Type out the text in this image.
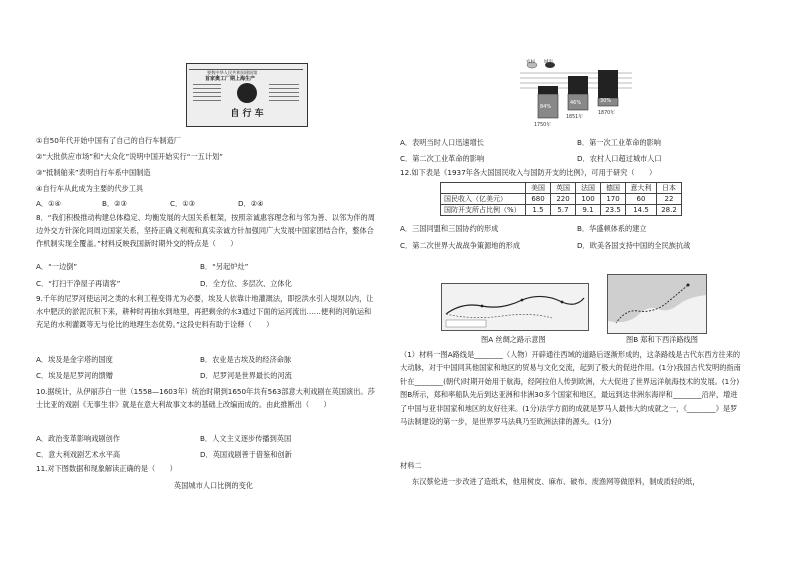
要数中华人民共和国建国第
首家奥工厂期上海生产
自 行 车
①自50年代开始中国有了自己的自行车制造厂
②“大批供应市场”和“大众化”说明中国开始实行“一五计划”
③“抵制舶来”表明自行车系中国制造
④自行车从此成为主要的代步工具
A．①④	B．②③	C．①③	D．②④
8．“我们积极推动构建总体稳定、均衡发展的大国关系框架，按照亲诚惠容理念和与邻为善、以邻为伴的周边外交方针深化同周边国家关系，坚持正确义利观和真实亲诚方针加强同广大发展中国家团结合作，整体合作机制实现全覆盖。”材料反映我国新时期外交的特点是（　　）
A．“一边倒”	B．“另起炉灶”
C．“打扫干净屋子再请客”	D．全方位、多层次、立体化
9.千年的尼罗河使运河之类的水利工程变得尤为必要，埃及人依靠计地灌溉法，即挖洪水引入堤坝以内，让水中肥沃的淤泥沉积下来，耕种时再抽水到地里，再把剩余的水3通过下面的运河流出……便利的河航运和充足的水利灌溉等无与伦比的地理生态优势。”这段史料有助于诠释（　　）
A．埃及是金字塔的国度	B．农业是古埃及的经济命脉
C．埃及是尼罗河的馈赠	D．尼罗河是世界最长的河流
10.据统计，从伊丽莎白一世（1558—1603年）统治时期到1650年共有563部意大利戏剧在英国演出。莎士比亚的戏剧《无事生非》就是在意大利故事文本的基础上改编而成的。由此推断出（　　）
A．政治变革影响戏剧创作	B．人文主义逐步传播到英国
C．意大利戏剧艺术水平高	D．英国戏剧善于借鉴和创新
11.对下图数据和现象解读正确的是（　　）
英国城市人口比例的变化
农村 城市
84%
1750年
46%
1851年
30%
1870年
A．表明当时人口迅速增长	B．第一次工业革命的影响
C．第二次工业革命的影响	D．农村人口超过城市人口
12.如下表是《1937年各大国国民收入与国防开支的比例》，可用于研究（　　）
	美国	英国	法国	德国	意大利	日本
国民收入（亿美元）	680	220	100	170	60	22
国防开支所占比例（%）	1.5	5.7	9.1	23.5	14.5	28.2
A．三国同盟和三国协约的形成	B．华盛顿体系的建立
C．第二次世界大战战争策源地的形成	D．欧美各国支持中国的全民族抗战
图A 丝绸之路示意图	图B 郑和下西洋路线图
（1）材料一图A路线是________（人物）开辟通往西域的道路后逐渐形成的，这条路线是古代东西方往来的大动脉，对于中国同其他国家和地区的贸易与文化交流，起到了极大的促进作用。(1分)我国古代发明的指南针在________(朝代)时期开始用于航海，经阿拉伯人传到欧洲，大大促进了世界远洋航海技术的发展。(1分)图B所示，郑和率船队先后到达亚洲和非洲30多个国家和地区，最远到达非洲东海岸和________沿岸，增进了中国与亚非国家和地区的友好往来。(1分)法学方面的成就是罗马人最伟大的成就之一，《________》是罗马法制建设的第一步，是世界罗马法典乃至欧洲法律的源头。(1分)
材料二
东汉蔡伦进一步改进了造纸术，他用树皮、麻布、破布、废渔网等做原料，制成质轻的纸，
